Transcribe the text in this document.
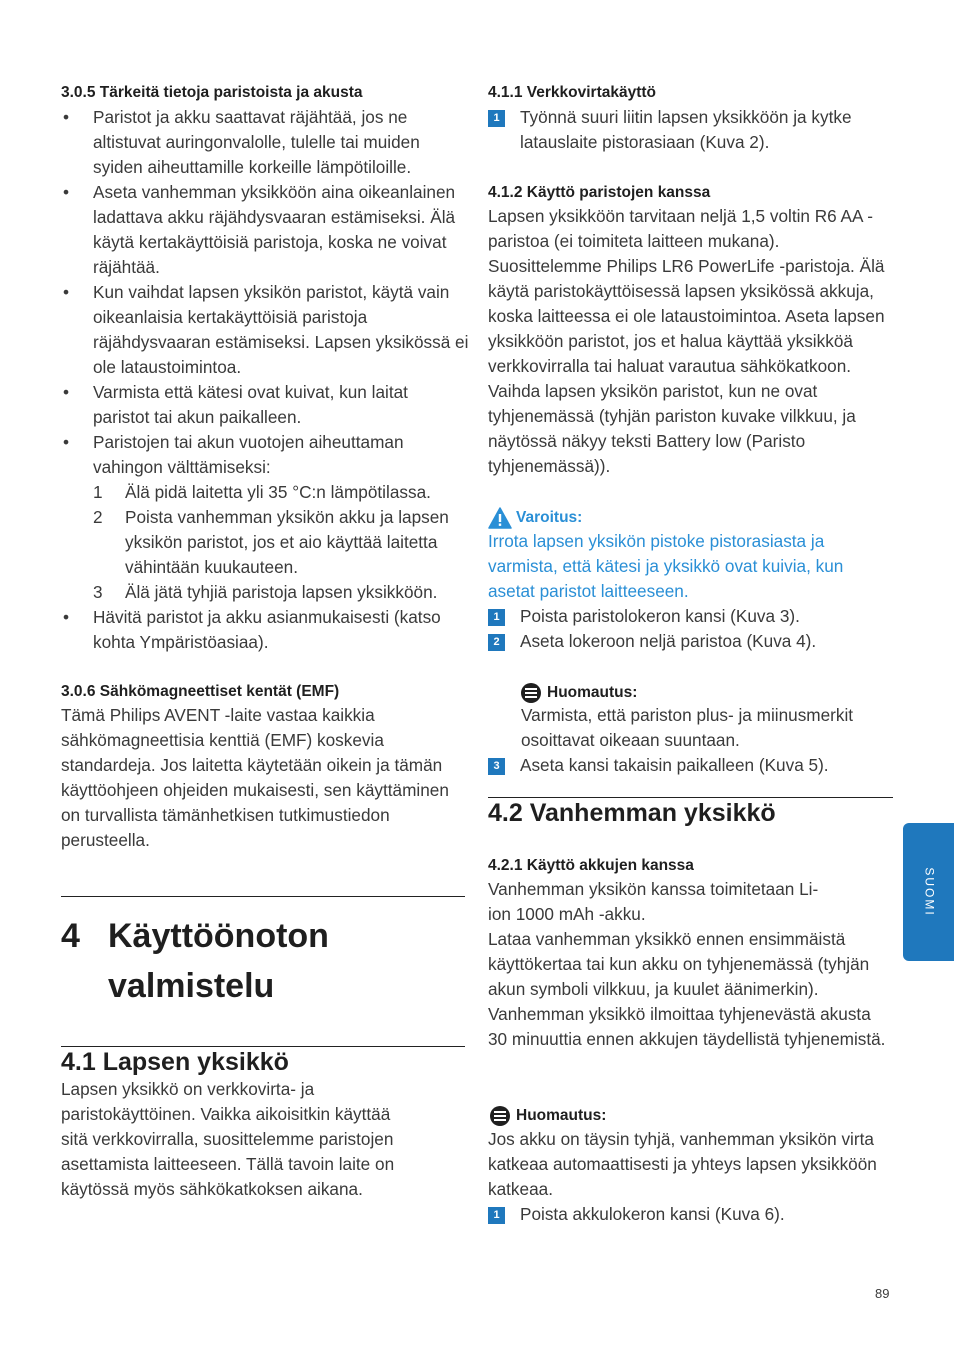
3.0.5 Tärkeitä tietoja paristoista ja akusta

• Paristot ja akku saattavat räjähtää, jos ne altistuvat auringonvalolle, tulelle tai muiden syiden aiheuttamille korkeille lämpötiloille.
• Aseta vanhemman yksikköön aina oikeanlainen ladattava akku räjähdysvaaran estämiseksi. Älä käytä kertakäyttöisiä paristoja, koska ne voivat räjähtää.
• Kun vaihdat lapsen yksikön paristot, käytä vain oikeanlaisia kertakäyttöisiä paristoja räjähdysvaaran estämiseksi. Lapsen yksikössä ei ole lataustoimintoa.
• Varmista että kätesi ovat kuivat, kun laitat paristot tai akun paikalleen.
• Paristojen tai akun vuotojen aiheuttaman vahingon välttämiseksi:
1 Älä pidä laitetta yli 35 °C:n lämpötilassa.
2 Poista vanhemman yksikön akku ja lapsen yksikön paristot, jos et aio käyttää laitetta vähintään kuukauteen.
3 Älä jätä tyhjiä paristoja lapsen yksikköön.
• Hävitä paristot ja akku asianmukaisesti (katso kohta Ympäristöasiaa).

3.0.6 Sähkömagneettiset kentät (EMF)

Tämä Philips AVENT -laite vastaa kaikkia sähkömagneettisia kenttiä (EMF) koskevia standardeja. Jos laitetta käytetään oikein ja tämän käyttöohjeen ohjeiden mukaisesti, sen käyttäminen on turvallista tämänhetkisen tutkimustiedon perusteella.

4 Käyttöönoton
valmistelu

4.1 Lapsen yksikkö

Lapsen yksikkö on verkkovirta- ja paristokäyttöinen. Vaikka aikoisitkin käyttää sitä verkkovirralla, suosittelemme paristojen asettamista laitteeseen. Tällä tavoin laite on käytössä myös sähkökatkoksen aikana.

4.1.1 Verkkovirtakäyttö

1	Työnnä suuri liitin lapsen yksikköön ja kytke latauslaite pistorasiaan (Kuva 2).

4.1.2 Käyttö paristojen kanssa

Lapsen yksikköön tarvitaan neljä 1,5 voltin R6 AA -paristoa (ei toimiteta laitteen mukana). Suosittelemme Philips LR6 PowerLife -paristoja. Älä käytä paristokäyttöisessä lapsen yksikössä akkuja, koska laitteessa ei ole lataustoimintoa. Aseta lapsen yksikköön paristot, jos et halua käyttää yksikköä verkkovirralla tai haluat varautua sähkökatkoon. Vaihda lapsen yksikön paristot, kun ne ovat tyhjenemässä (tyhjän pariston kuvake vilkkuu, ja näytössä näkyy teksti Battery low (Paristo tyhjenemässä)).

Varoitus:

Irrota lapsen yksikön pistoke pistorasiasta ja varmista, että kätesi ja yksikkö ovat kuivia, kun asetat paristot laitteeseen.

1	Poista paristolokeron kansi (Kuva 3).
2	Aseta lokeroon neljä paristoa (Kuva 4).
Huomautus:

Varmista, että pariston plus- ja miinusmerkit osoittavat oikeaan suuntaan.

3	Aseta kansi takaisin paikalleen (Kuva 5).

4.2 Vanhemman yksikkö

4.2.1 Käyttö akkujen kanssa

Vanhemman yksikön kanssa toimitetaan Li-ion 1000 mAh -akku.

Lataa vanhemman yksikkö ennen ensimmäistä käyttökertaa tai kun akku on tyhjenemässä (tyhjän akun symboli vilkkuu, ja kuulet äänimerkin). Vanhemman yksikkö ilmoittaa tyhjenevästä akusta 30 minuuttia ennen akkujen täydellistä tyhjenemistä.

Huomautus:

Jos akku on täysin tyhjä, vanhemman yksikön virta katkeaa automaattisesti ja yhteys lapsen yksikköön katkeaa.

1	Poista akkulokeron kansi (Kuva 6).
SUOMI
89
